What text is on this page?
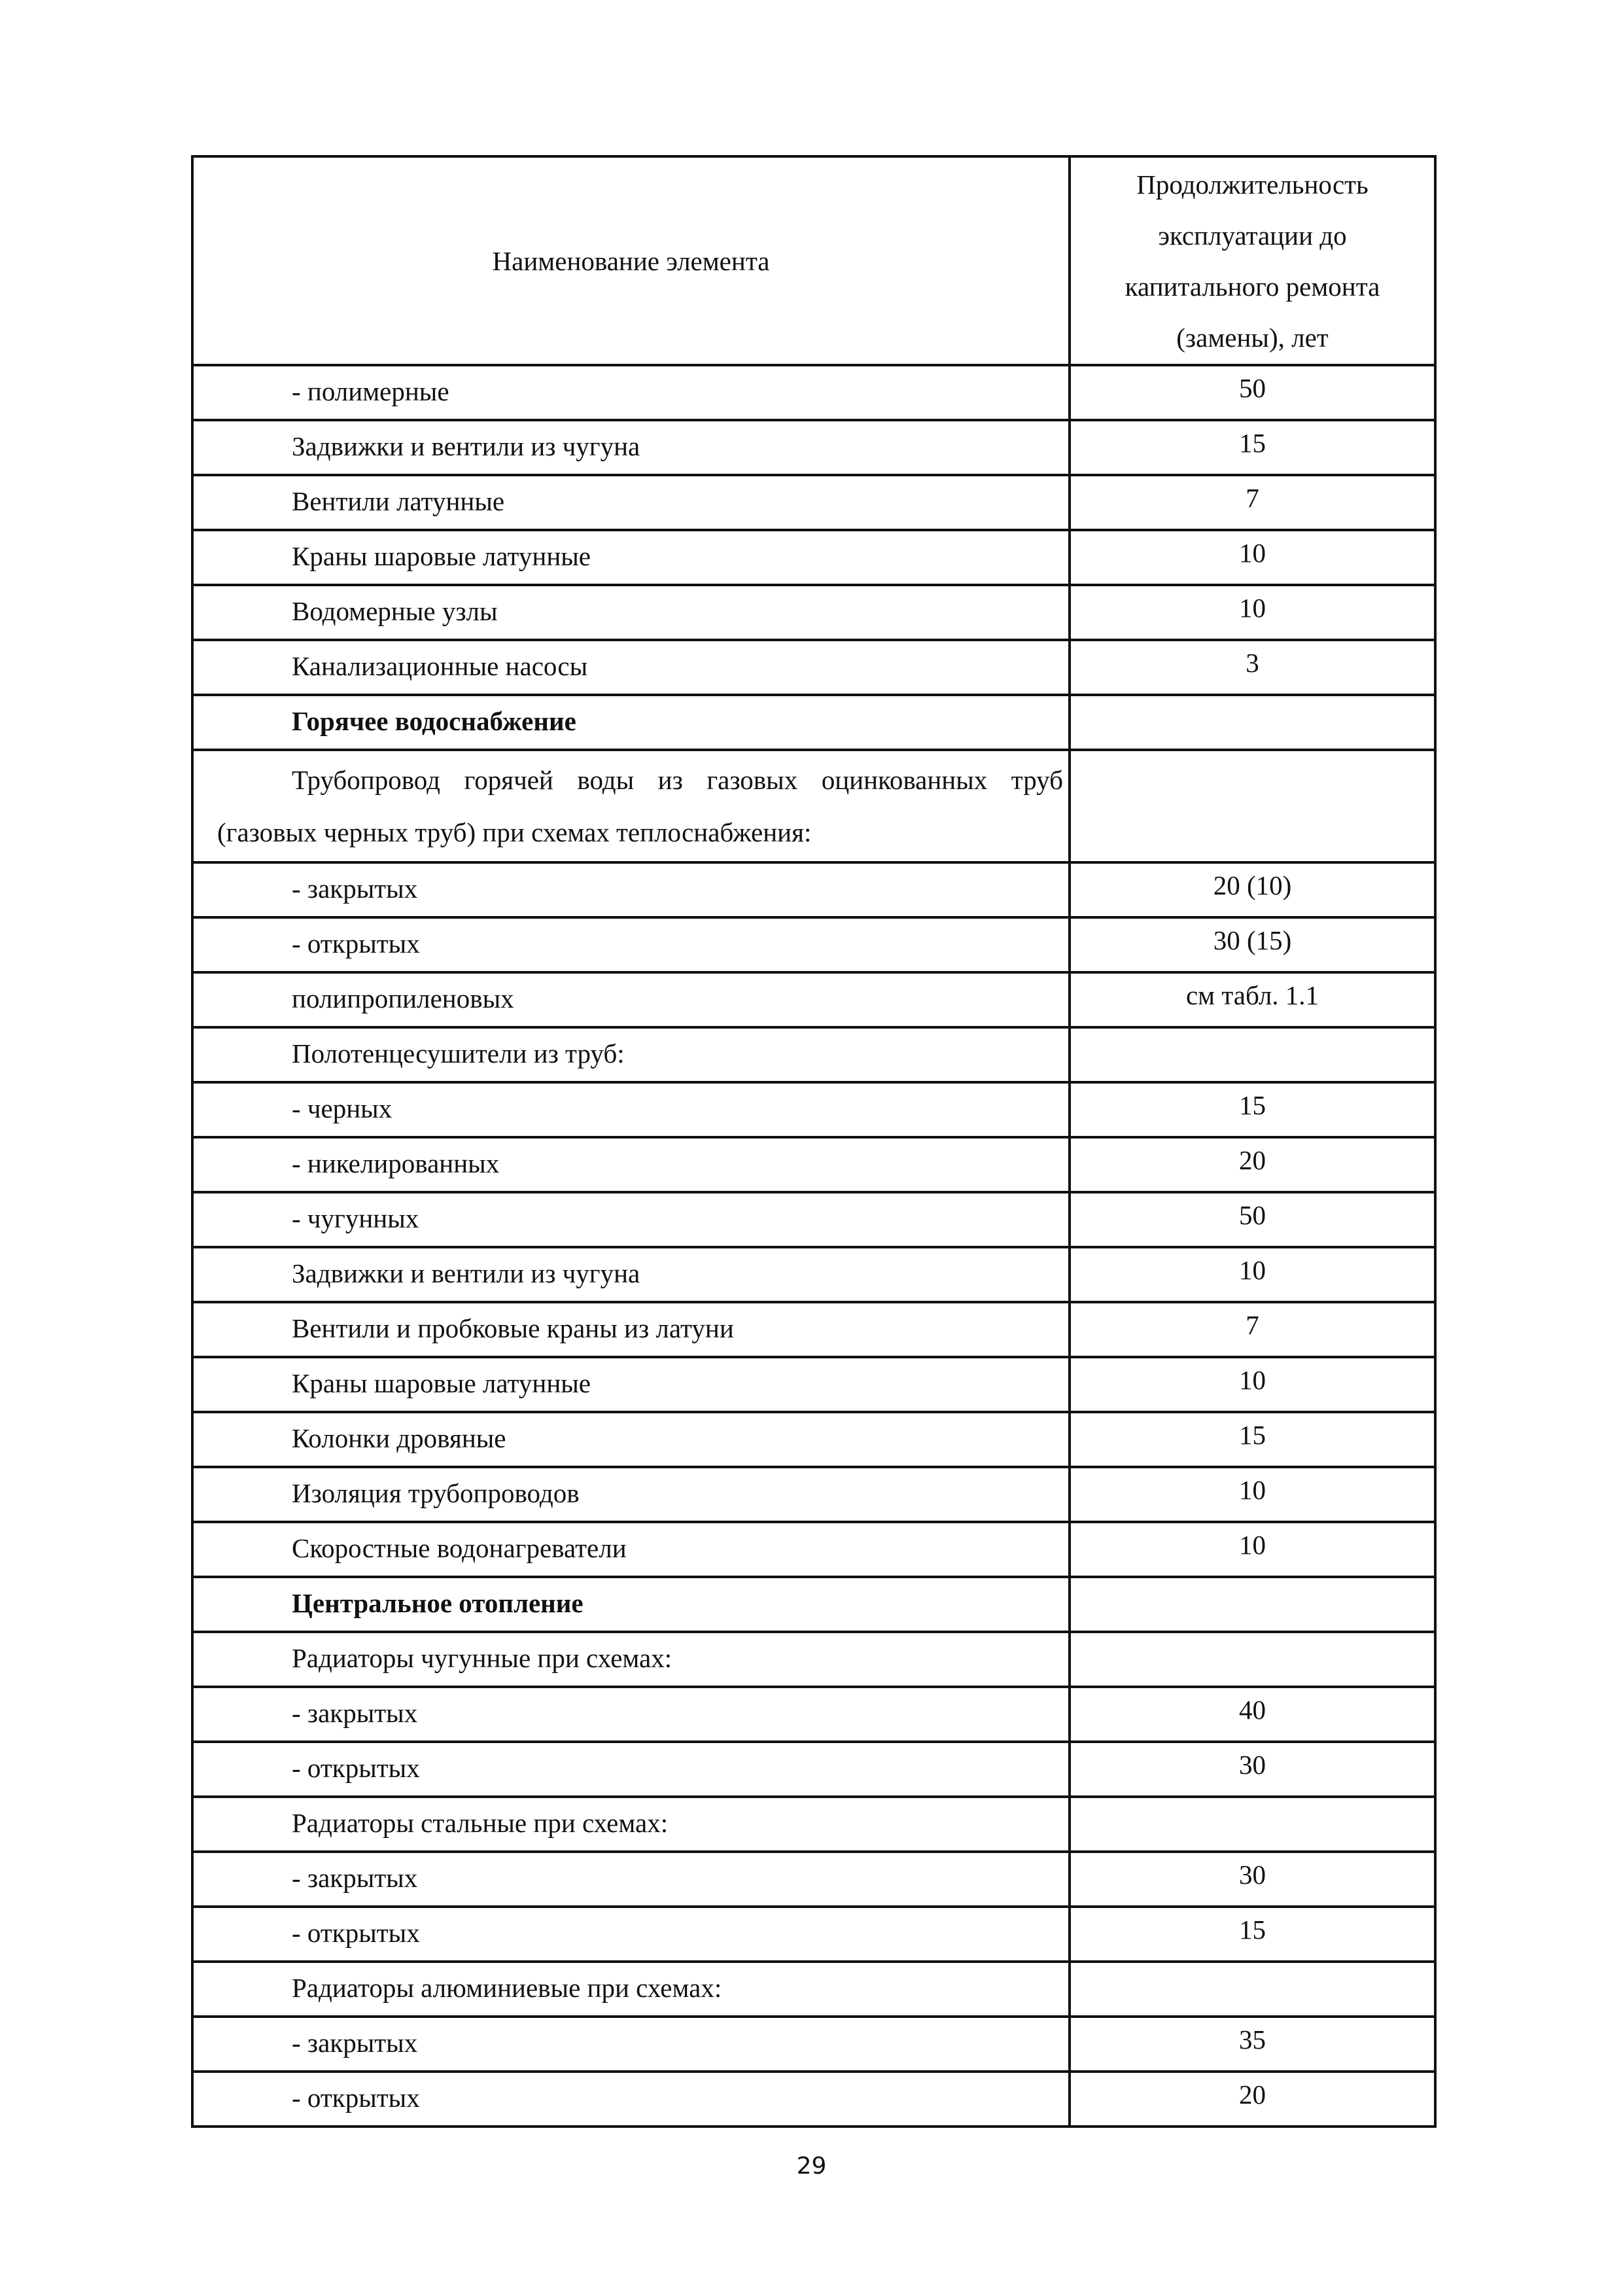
Наименование элемента	Продолжительность
эксплуатации до
капитального ремонта
(замены), лет

- полимерные	50
Задвижки и вентили из чугуна	15
Вентили латунные	7
Краны шаровые латунные	10
Водомерные узлы	10
Канализационные насосы	3
Горячее водоснабжение	
Трубопровод горячей воды из газовых оцинкованных труб (газовых черных труб) при схемах теплоснабжения:	
- закрытых	20 (10)
- открытых	30 (15)
полипропиленовых	см табл. 1.1
Полотенцесушители из труб:	
- черных	15
- никелированных	20
- чугунных	50
Задвижки и вентили из чугуна	10
Вентили и пробковые краны из латуни	7
Краны шаровые латунные	10
Колонки дровяные	15
Изоляция трубопроводов	10
Скоростные водонагреватели	10
Центральное отопление	
Радиаторы чугунные при схемах:	
- закрытых	40
- открытых	30
Радиаторы стальные при схемах:	
- закрытых	30
- открытых	15
Радиаторы алюминиевые при схемах:	
- закрытых	35
- открытых	20
29
